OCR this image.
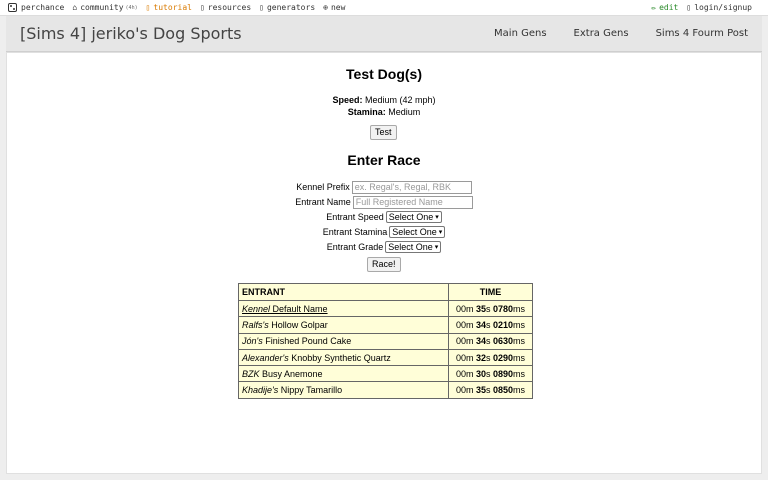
perchance ⌂ community (4h) ▯ tutorial ▯ resources ▯ generators ⊕ new	✏ edit ▯ login/signup
[Sims 4] jeriko's Dog Sports	Main Gens	Extra Gens	Sims 4 Fourm Post
Test Dog(s)
Speed: Medium (42 mph)
Stamina: Medium
Test
Enter Race
Kennel Prefix
ex. Regal's, Regal, RBK
Entrant Name
Full Registered Name
Entrant Speed Select One ▾
Entrant Stamina Select One ▾
Entrant Grade Select One ▾
Race!
ENTRANT	TIME
Kennel Default Name	00m 35s 0780ms
Ralfs's Hollow Golpar	00m 34s 0210ms
Jón's Finished Pound Cake	00m 34s 0630ms
Alexander's Knobby Synthetic Quartz	00m 32s 0290ms
BZK Busy Anemone	00m 30s 0890ms
Khadije's Nippy Tamarillo	00m 35s 0850ms
